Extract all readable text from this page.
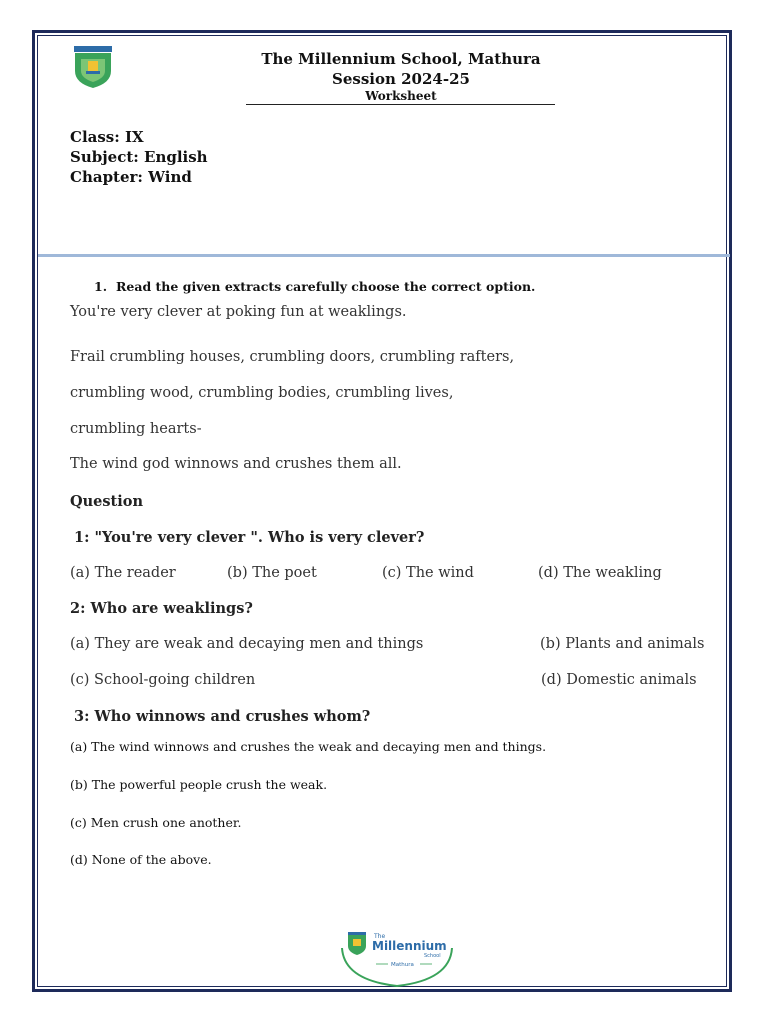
The Millennium School, Mathura
Session 2024-25
Worksheet
Class: IX
Subject: English
Chapter: Wind
1. Read the given extracts carefully choose the correct option.
You're very clever at poking fun at weaklings.
Frail crumbling houses, crumbling doors, crumbling rafters,
crumbling wood, crumbling bodies, crumbling lives,
crumbling hearts-
The wind god winnows and crushes them all.
Question
1: "You're very clever ". Who is very clever?
(a) The reader	(b) The poet	(c) The wind	(d) The weakling
2: Who are weaklings?
(a) They are weak and decaying men and things	(b) Plants and animals
(c) School-going children	(d) Domestic animals
3: Who winnows and crushes whom?
(a) The wind winnows and crushes the weak and decaying men and things.
(b) The powerful people crush the weak.
(c) Men crush one another.
(d) None of the above.
The
Millennium
School
Mathura
